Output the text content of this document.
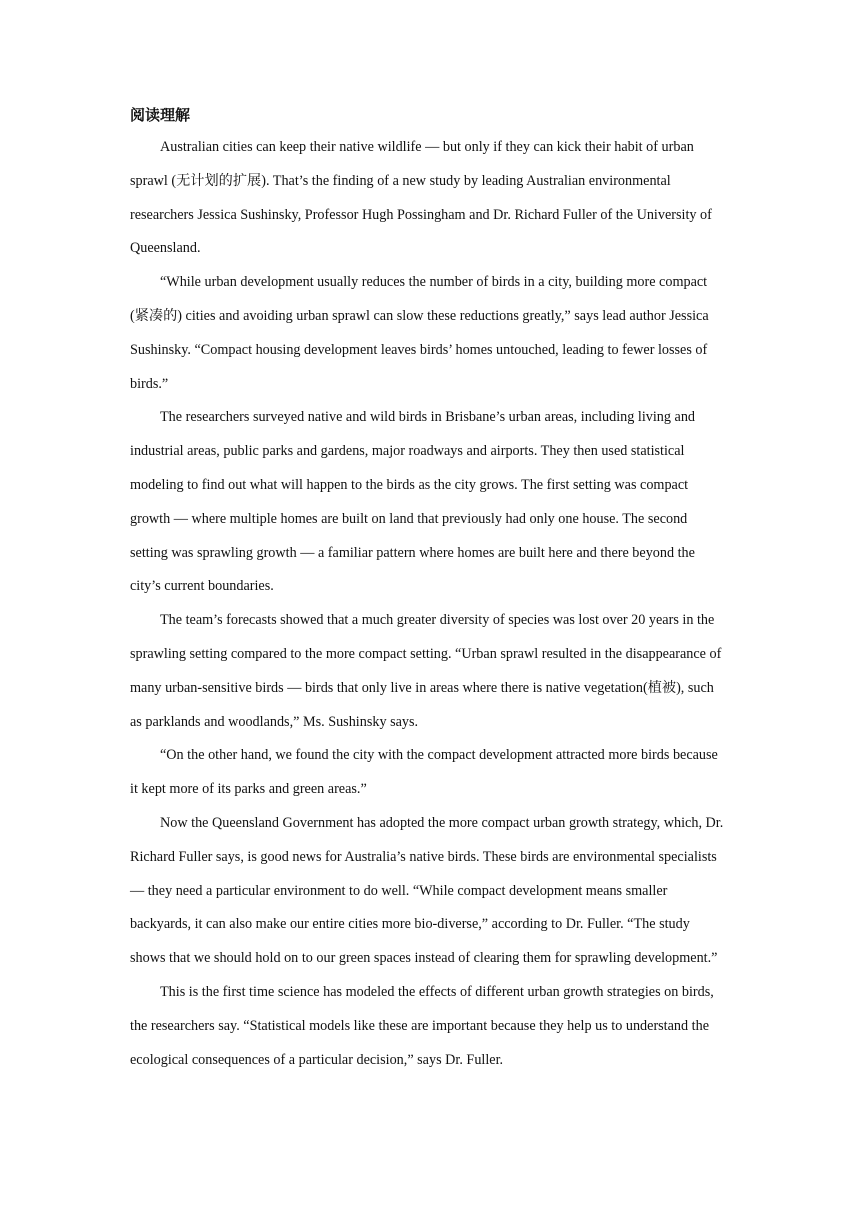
阅读理解

Australian cities can keep their native wildlife — but only if they can kick their habit of urban sprawl (无计划的扩展). That’s the finding of a new study by leading Australian environmental researchers Jessica Sushinsky, Professor Hugh Possingham and Dr. Richard Fuller of the University of Queensland.

“While urban development usually reduces the number of birds in a city, building more compact (紧凑的) cities and avoiding urban sprawl can slow these reductions greatly,” says lead author Jessica Sushinsky. “Compact housing development leaves birds’ homes untouched, leading to fewer losses of birds.”

The researchers surveyed native and wild birds in Brisbane’s urban areas, including living and industrial areas, public parks and gardens, major roadways and airports. They then used statistical modeling to find out what will happen to the birds as the city grows. The first setting was compact growth — where multiple homes are built on land that previously had only one house. The second setting was sprawling growth — a familiar pattern where homes are built here and there beyond the city’s current boundaries.

The team’s forecasts showed that a much greater diversity of species was lost over 20 years in the sprawling setting compared to the more compact setting. “Urban sprawl resulted in the disappearance of many urban-sensitive birds — birds that only live in areas where there is native vegetation(植被), such as parklands and woodlands,” Ms. Sushinsky says.

“On the other hand, we found the city with the compact development attracted more birds because it kept more of its parks and green areas.”

Now the Queensland Government has adopted the more compact urban growth strategy, which, Dr. Richard Fuller says, is good news for Australia’s native birds. These birds are environmental specialists — they need a particular environment to do well. “While compact development means smaller backyards, it can also make our entire cities more bio-diverse,” according to Dr. Fuller. “The study shows that we should hold on to our green spaces instead of clearing them for sprawling development.”

This is the first time science has modeled the effects of different urban growth strategies on birds, the researchers say. “Statistical models like these are important because they help us to understand the ecological consequences of a particular decision,” says Dr. Fuller.
